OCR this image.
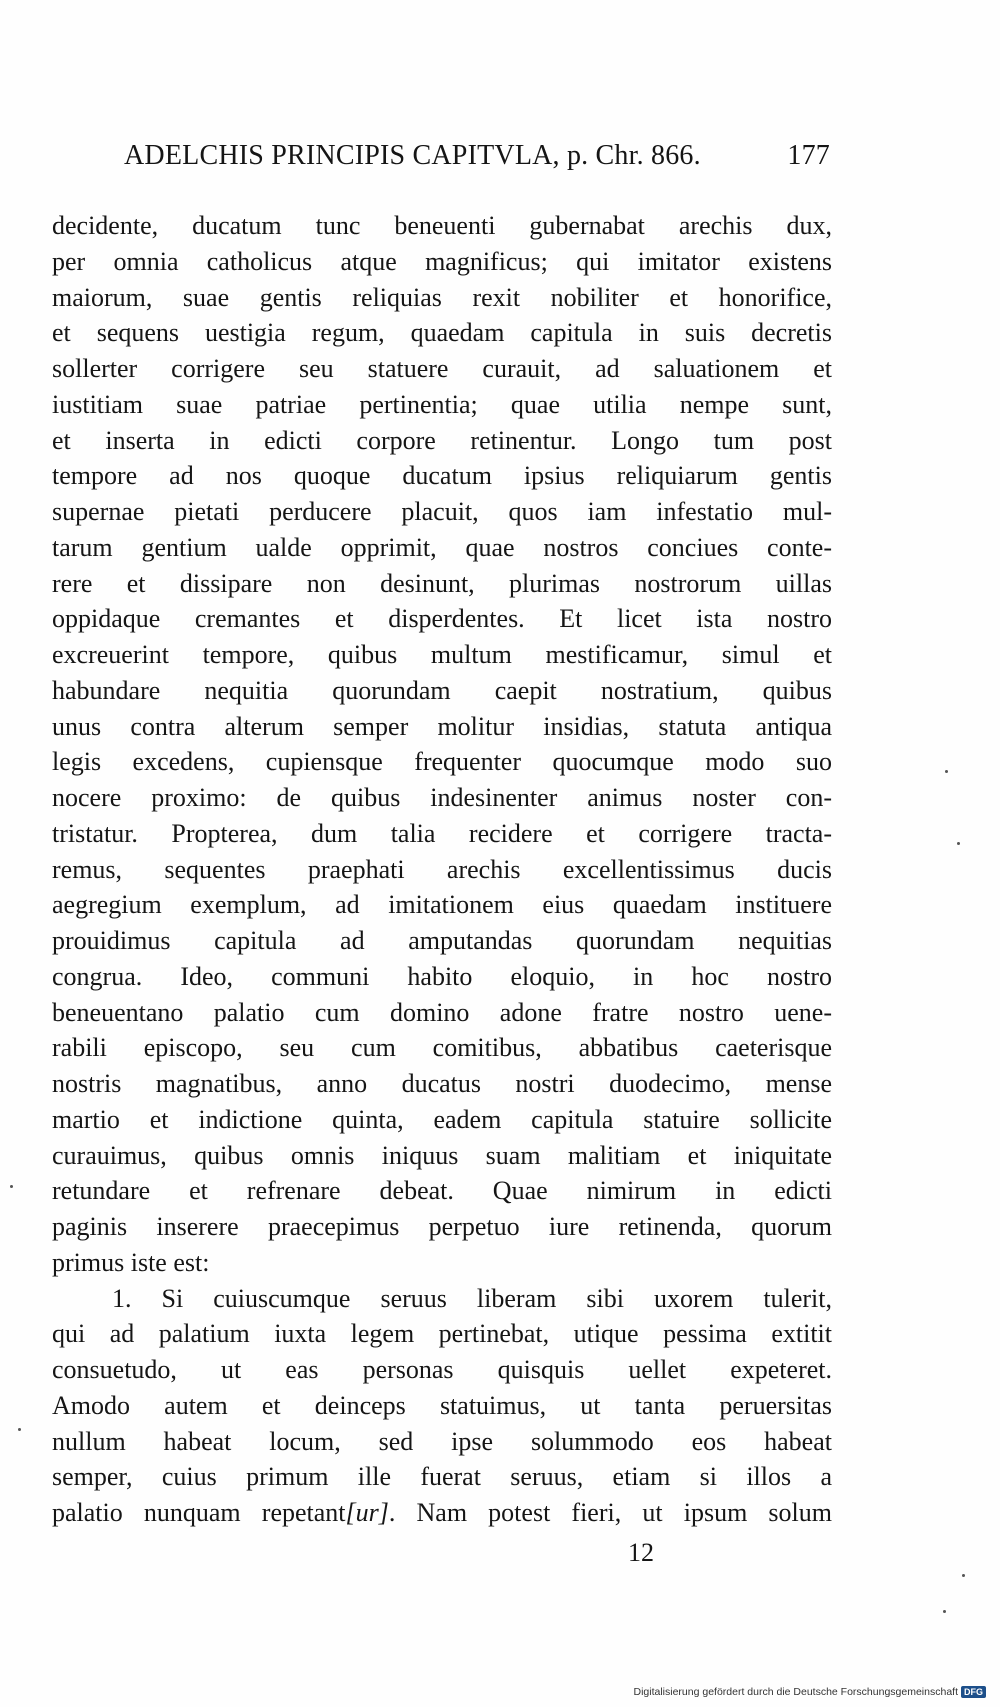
ADELCHIS PRINCIPIS CAPITVLA, p. Chr. 866.	177
decidente, ducatum tunc beneuenti gubernabat arechis dux,
per omnia catholicus atque magnificus; qui imitator existens
maiorum, suae gentis reliquias rexit nobiliter et honorifice,
et sequens uestigia regum, quaedam capitula in suis decretis
sollerter corrigere seu statuere curauit, ad saluationem et
iustitiam suae patriae pertinentia; quae utilia nempe sunt,
et inserta in edicti corpore retinentur. Longo tum post
tempore ad nos quoque ducatum ipsius reliquiarum gentis
supernae pietati perducere placuit, quos iam infestatio mul-
tarum gentium ualde opprimit, quae nostros conciues conte-
rere et dissipare non desinunt, plurimas nostrorum uillas
oppidaque cremantes et disperdentes. Et licet ista nostro
excreuerint tempore, quibus multum mestificamur, simul et
habundare nequitia quorundam caepit nostratium, quibus
unus contra alterum semper molitur insidias, statuta antiqua
legis excedens, cupiensque frequenter quocumque modo suo
nocere proximo: de quibus indesinenter animus noster con-
tristatur. Propterea, dum talia recidere et corrigere tracta-
remus, sequentes praephati arechis excellentissimus ducis
aegregium exemplum, ad imitationem eius quaedam instituere
prouidimus capitula ad amputandas quorundam nequitias
congrua. Ideo, communi habito eloquio, in hoc nostro
beneuentano palatio cum domino adone fratre nostro uene-
rabili episcopo, seu cum comitibus, abbatibus caeterisque
nostris magnatibus, anno ducatus nostri duodecimo, mense
martio et indictione quinta, eadem capitula statuire sollicite
curauimus, quibus omnis iniquus suam malitiam et iniquitate
retundare et refrenare debeat. Quae nimirum in edicti
paginis inserere praecepimus perpetuo iure retinenda, quorum
primus iste est:
1. Si cuiuscumque seruus liberam sibi uxorem tulerit,
qui ad palatium iuxta legem pertinebat, utique pessima extitit
consuetudo, ut eas personas quisquis uellet expeteret.
Amodo autem et deinceps statuimus, ut tanta peruersitas
nullum habeat locum, sed ipse solummodo eos habeat
semper, cuius primum ille fuerat seruus, etiam si illos a
palatio nunquam repetant[ur]. Nam potest fieri, ut ipsum solum
12
Digitalisierung gefördert durch die Deutsche Forschungsgemeinschaft DFG
